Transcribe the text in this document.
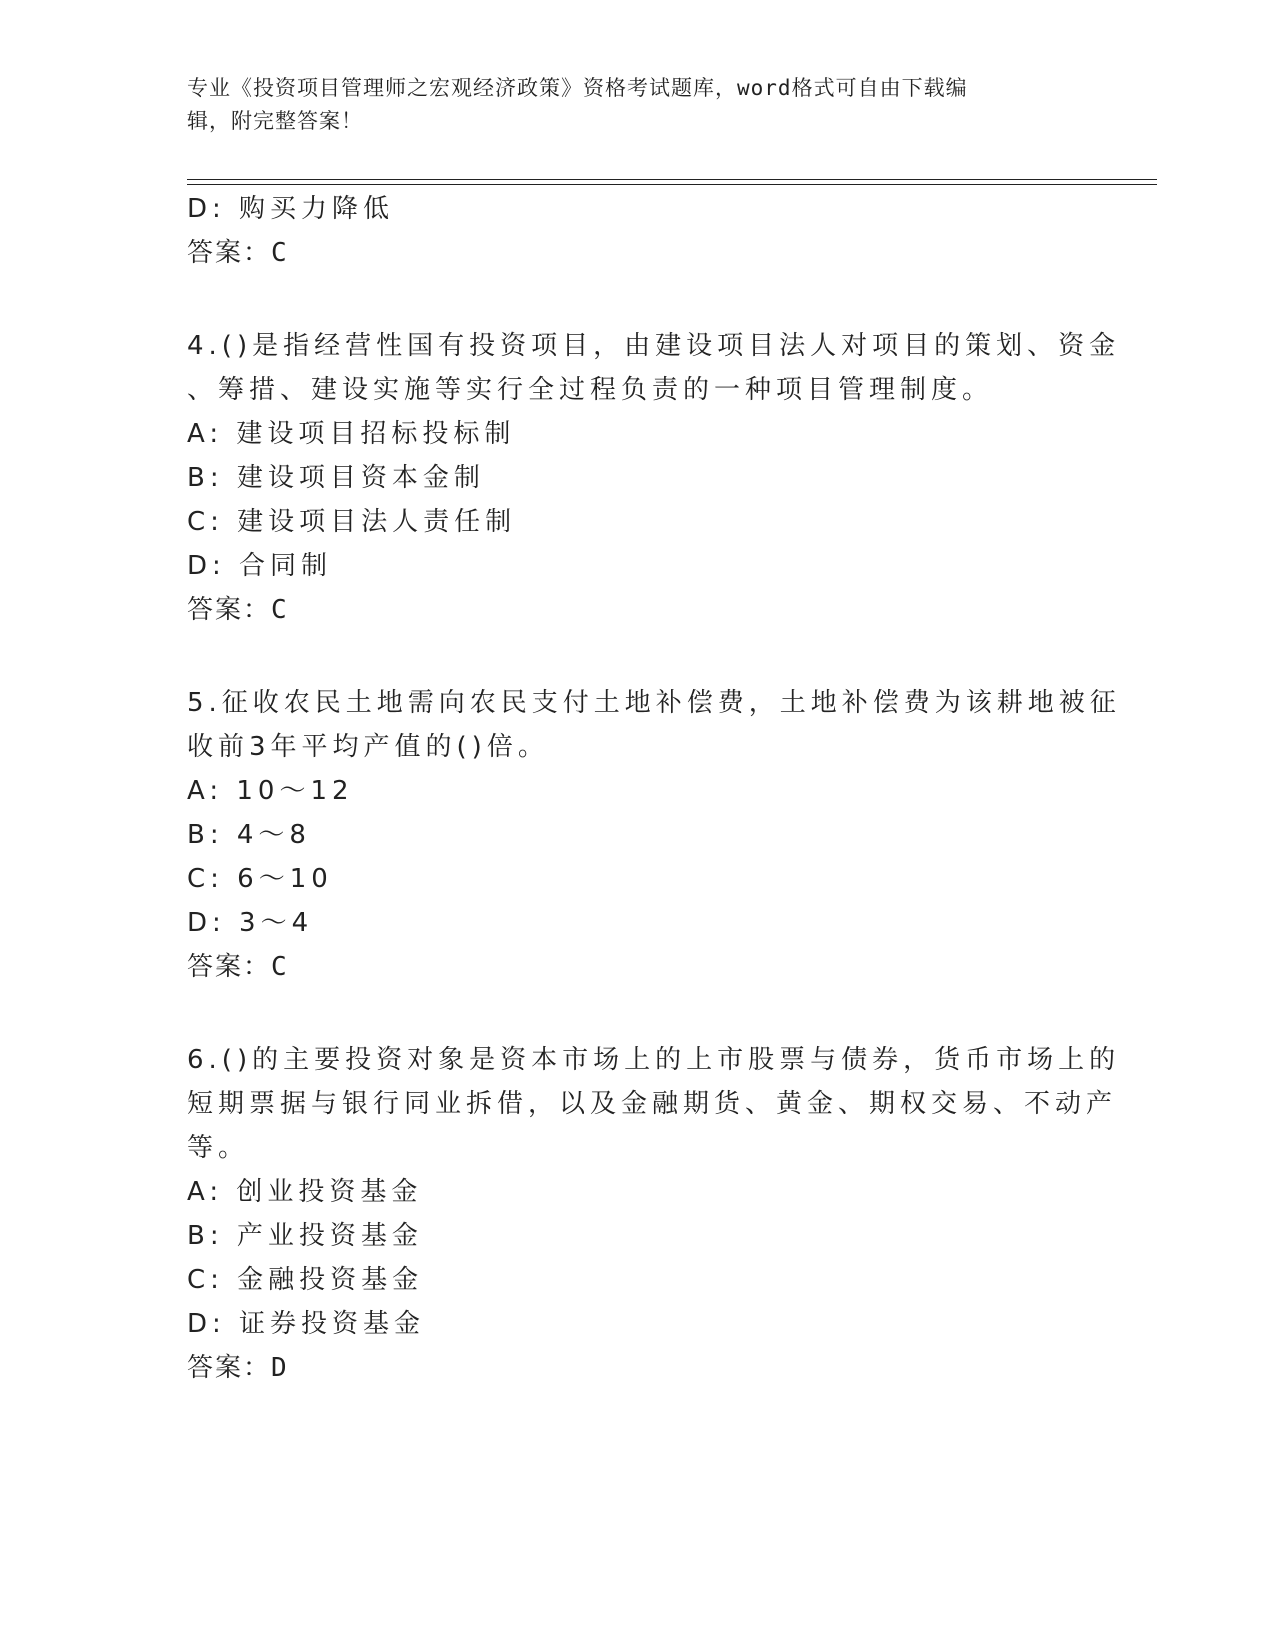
专业《投资项目管理师之宏观经济政策》资格考试题库，word格式可自由下载编
辑，附完整答案！
D: 购买力降低
答案：C
4.()是指经营性国有投资项目，由建设项目法人对项目的策划、资金
、筹措、建设实施等实行全过程负责的一种项目管理制度。
A: 建设项目招标投标制
B: 建设项目资本金制
C: 建设项目法人责任制
D: 合同制
答案：C
5.征收农民土地需向农民支付土地补偿费，土地补偿费为该耕地被征
收前3年平均产值的()倍。
A: 10～12
B: 4～8
C: 6～10
D: 3～4
答案：C
6.()的主要投资对象是资本市场上的上市股票与债券，货币市场上的
短期票据与银行同业拆借，以及金融期货、黄金、期权交易、不动产
等。
A: 创业投资基金
B: 产业投资基金
C: 金融投资基金
D: 证券投资基金
答案：D
